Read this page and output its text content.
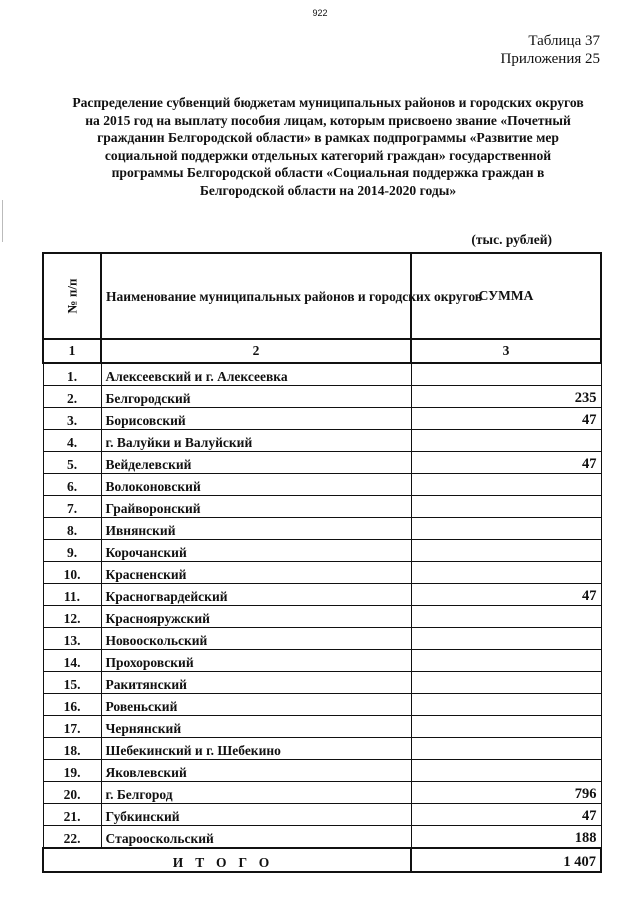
922
Таблица 37
Приложения 25
Распределение субвенций бюджетам муниципальных районов и городских округов
на 2015 год на выплату пособия лицам, которым присвоено звание «Почетный
гражданин Белгородской области» в рамках подпрограммы «Развитие мер
социальной поддержки отдельных категорий граждан» государственной
программы Белгородской области «Социальная поддержка граждан в
Белгородской области на 2014-2020 годы»
(тыс. рублей)
№ п/п	Наименование муниципальных районов и городских округов	СУММА
1	2	3
1.	Алексеевский и г. Алексеевка	
2.	Белгородский	235
3.	Борисовский	47
4.	г. Валуйки и Валуйский	
5.	Вейделевский	47
6.	Волоконовский	
7.	Грайворонский	
8.	Ивнянский	
9.	Корочанский	
10.	Красненский	
11.	Красногвардейский	47
12.	Краснояружский	
13.	Новооскольский	
14.	Прохоровский	
15.	Ракитянский	
16.	Ровеньский	
17.	Чернянский	
18.	Шебекинский и г. Шебекино	
19.	Яковлевский	
20.	г. Белгород	796
21.	Губкинский	47
22.	Старооскольский	188
ИТОГО		1 407
